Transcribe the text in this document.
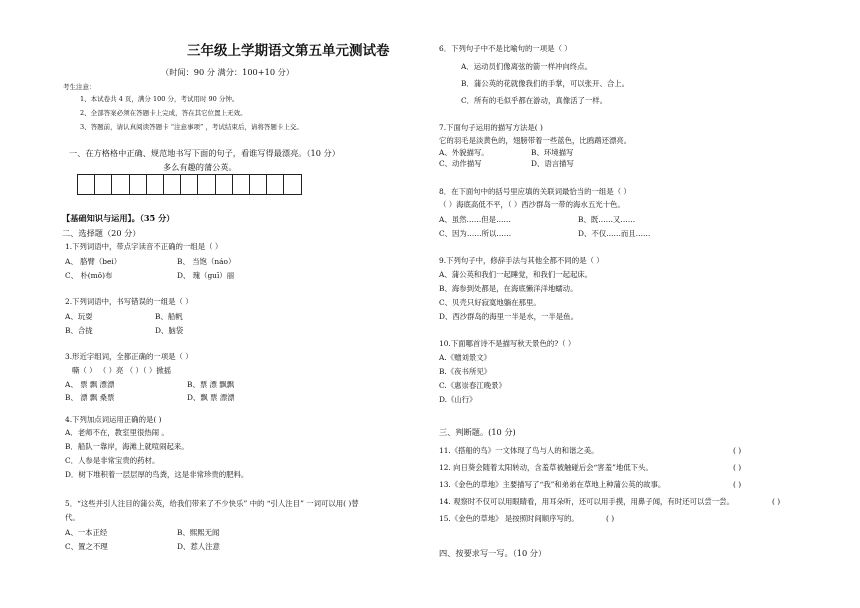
三年级上学期语文第五单元测试卷
（时间：90 分 满分：100+10 分）
考生注意：
1、本试卷共 4 页，满分 100 分，考试用时 90 分钟。
2、全部答案必须在答题卡上完成，答在其它位置上无效。
3、答题前，请认真阅读答题卡 “注意事项” ，考试结束后，请将答题卡上交。
一、在方格格中正确、规范地书写下面的句子，看谁写得最漂亮。（10 分）
多么有趣的蒲公英。
【基础知识与运用】。（35 分）
二、选择题（20 分）
1.下列词语中，带点字读音不正确的一组是（ ）
A、 胳臂（bei）	B、 当饱（náo）
C、 朴(mǒ)布	D、 瑰（guī）丽
2.下列词语中，书写错误的一组是（ ）
A、玩耍	B、船帆
B、合拢	D、脑袋
3.形近字组词，全都正确的一项是（ ）
嘶（ ） （ ）亮 （ ）（ ）掀摇
A、 票 飘 漂漂	B、票 漂 飘飘
B、 漂 飘 桑票	D、飘 票 漂漂
4.下列加点词运用正确的是( )
A．老师不在，教室里很热闹 。
B．船队一靠岸，海滩上就喧闹起来。
C．人参是非常宝贵的药材。
D．树下堆积着一层层厚的鸟粪，这是非常珍贵的肥料。
5．“这些并引人注目的蒲公英，给我们带来了不少快乐” 中的 “引人注目” 一词可以用( )替
代。
A、一本正经	B、熙熙无闻
C、置之不理	D、惹人注意
6．下列句子中不是比喻句的一项是（ ）
A．运动员们像离弦的箭一样冲向终点。
B．蒲公英的花就像我们的手掌，可以张开、合上。
C．所有的毛似乎都在游动，真像活了一样。
7.下面句子运用的描写方法是( )
它的羽毛是淡黄色的，翅膀带着一些蓝色，比鸥鹉还漂亮。
A、外貌描写。	B、环境描写
C、动作描写	D、语言描写
8．在下面句中的括号里应填的关联词最恰当的一组是（ ）
（ ）海底高低不平，（ ）西沙群岛一带的海水五光十色。
A、虽然……但是……	B、既……又……
C、因为……所以……	D、不仅……而且……
9.下列句子中，修辞手法与其他全都不同的是（ ）
A、蒲公英和我们一起睡觉，和我们一起起床。
B、海参到处都是，在海底懒洋洋地蠕动。
C、贝壳只好寂寞地躺在那里。
D、西沙群岛的海里一半是水，一半是鱼。
10.下面哪首诗不是描写秋天景色的?（ ）
A.《赠刘景文》
B.《夜书所见》
C.《惠崇春江晚景》
D.《山行》
三、判断题。(10 分)
11.《搭船的鸟》一文体现了鸟与人的和谐之美。	( )
12. 向日葵会随着太阳转动，含羞草被触碰后会“害羞”地低下头。	( )
13.《金色的草地》主要描写了“我”和弟弟在草地上种蒲公英的故事。	( )
14. 观察时不仅可以用眼睛看，用耳朵听，还可以用手摸，用鼻子闻，有时还可以尝一尝。	( )
15.《金色的草地》 是按照时间顺序写的。	( )
四、按要求写一写。（10 分）
